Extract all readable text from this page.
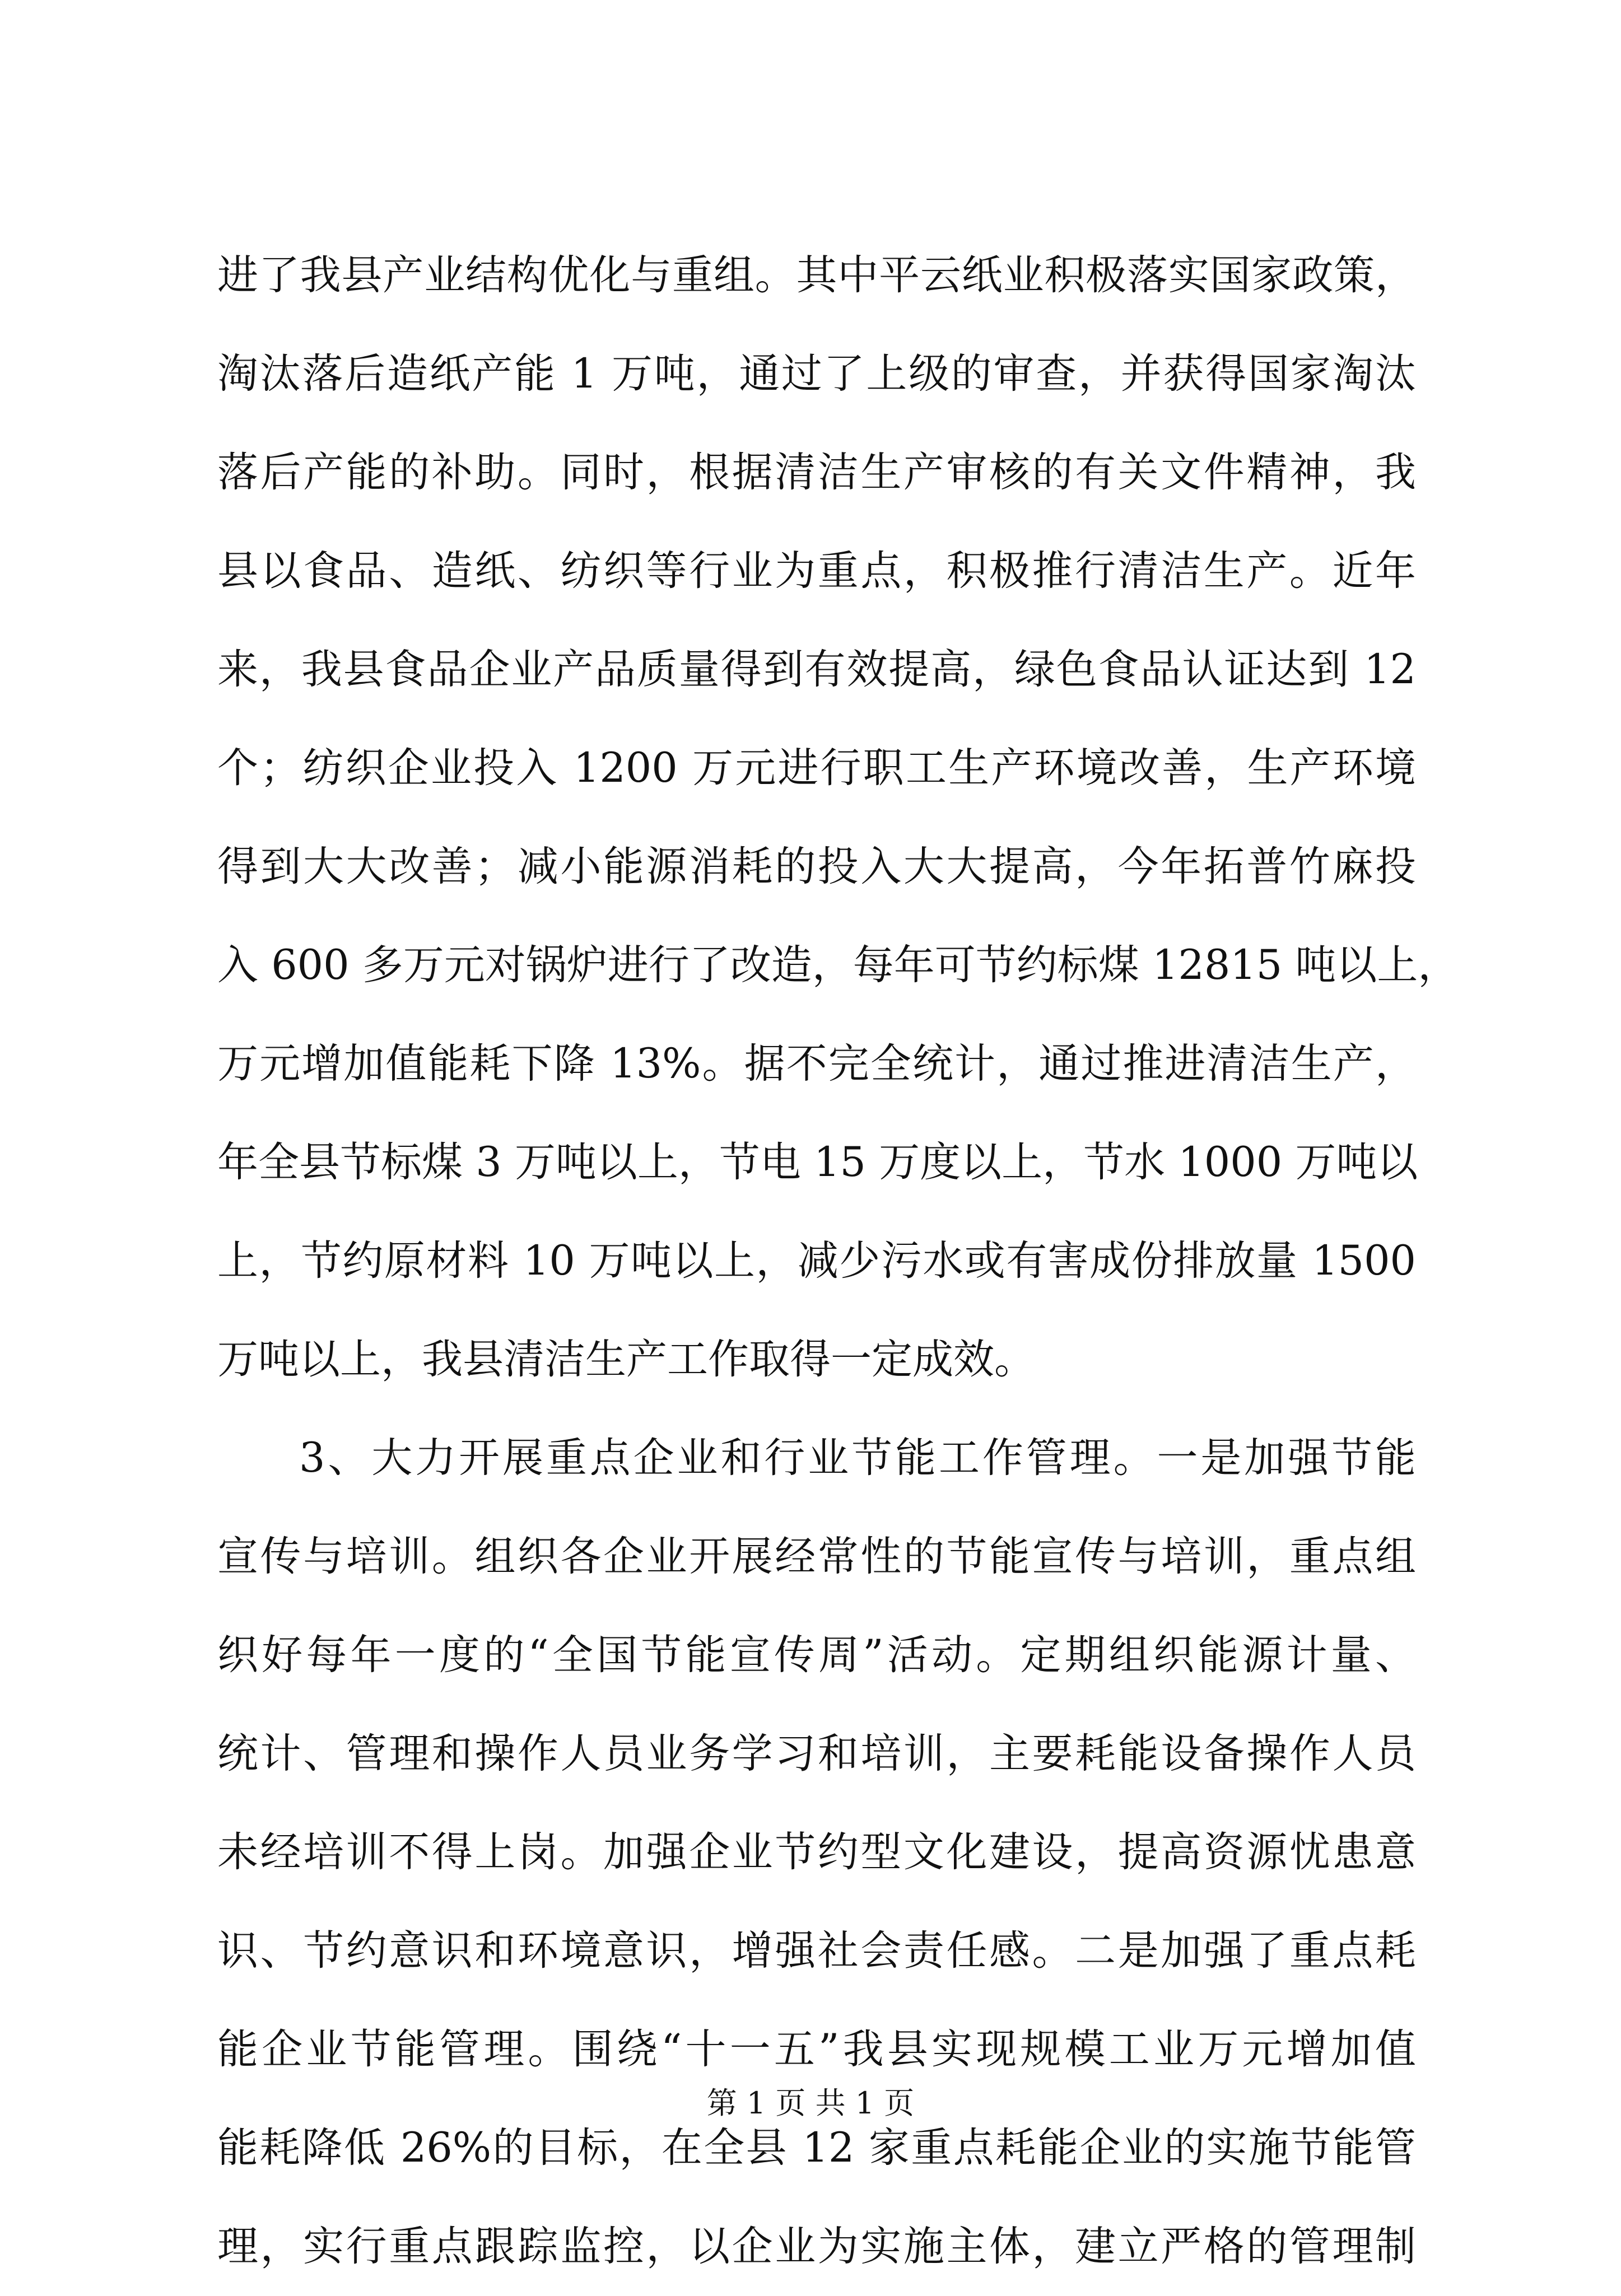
进了我县产业结构优化与重组。其中平云纸业积极落实国家政策，
淘汰落后造纸产能 1 万吨，通过了上级的审查，并获得国家淘汰
落后产能的补助。同时，根据清洁生产审核的有关文件精神，我
县以食品、造纸、纺织等行业为重点，积极推行清洁生产。近年
来，我县食品企业产品质量得到有效提高，绿色食品认证达到 12
个；纺织企业投入 1200 万元进行职工生产环境改善，生产环境
得到大大改善；减小能源消耗的投入大大提高，今年拓普竹麻投
入 600 多万元对锅炉进行了改造，每年可节约标煤 12815 吨以上，
万元增加值能耗下降 13%。据不完全统计，通过推进清洁生产，
年全县节标煤 3 万吨以上，节电 15 万度以上，节水 1000 万吨以
上，节约原材料 10 万吨以上，减少污水或有害成份排放量 1500
万吨以上，我县清洁生产工作取得一定成效。
3、大力开展重点企业和行业节能工作管理。一是加强节能
宣传与培训。组织各企业开展经常性的节能宣传与培训，重点组
织好每年一度的“全国节能宣传周”活动。定期组织能源计量、
统计、管理和操作人员业务学习和培训，主要耗能设备操作人员
未经培训不得上岗。加强企业节约型文化建设，提高资源忧患意
识、节约意识和环境意识，增强社会责任感。二是加强了重点耗
能企业节能管理。围绕“十一五”我县实现规模工业万元增加值
能耗降低 26%的目标，在全县 12 家重点耗能企业的实施节能管
理，实行重点跟踪监控，以企业为实施主体，建立严格的管理制
第 1 页 共 1 页
